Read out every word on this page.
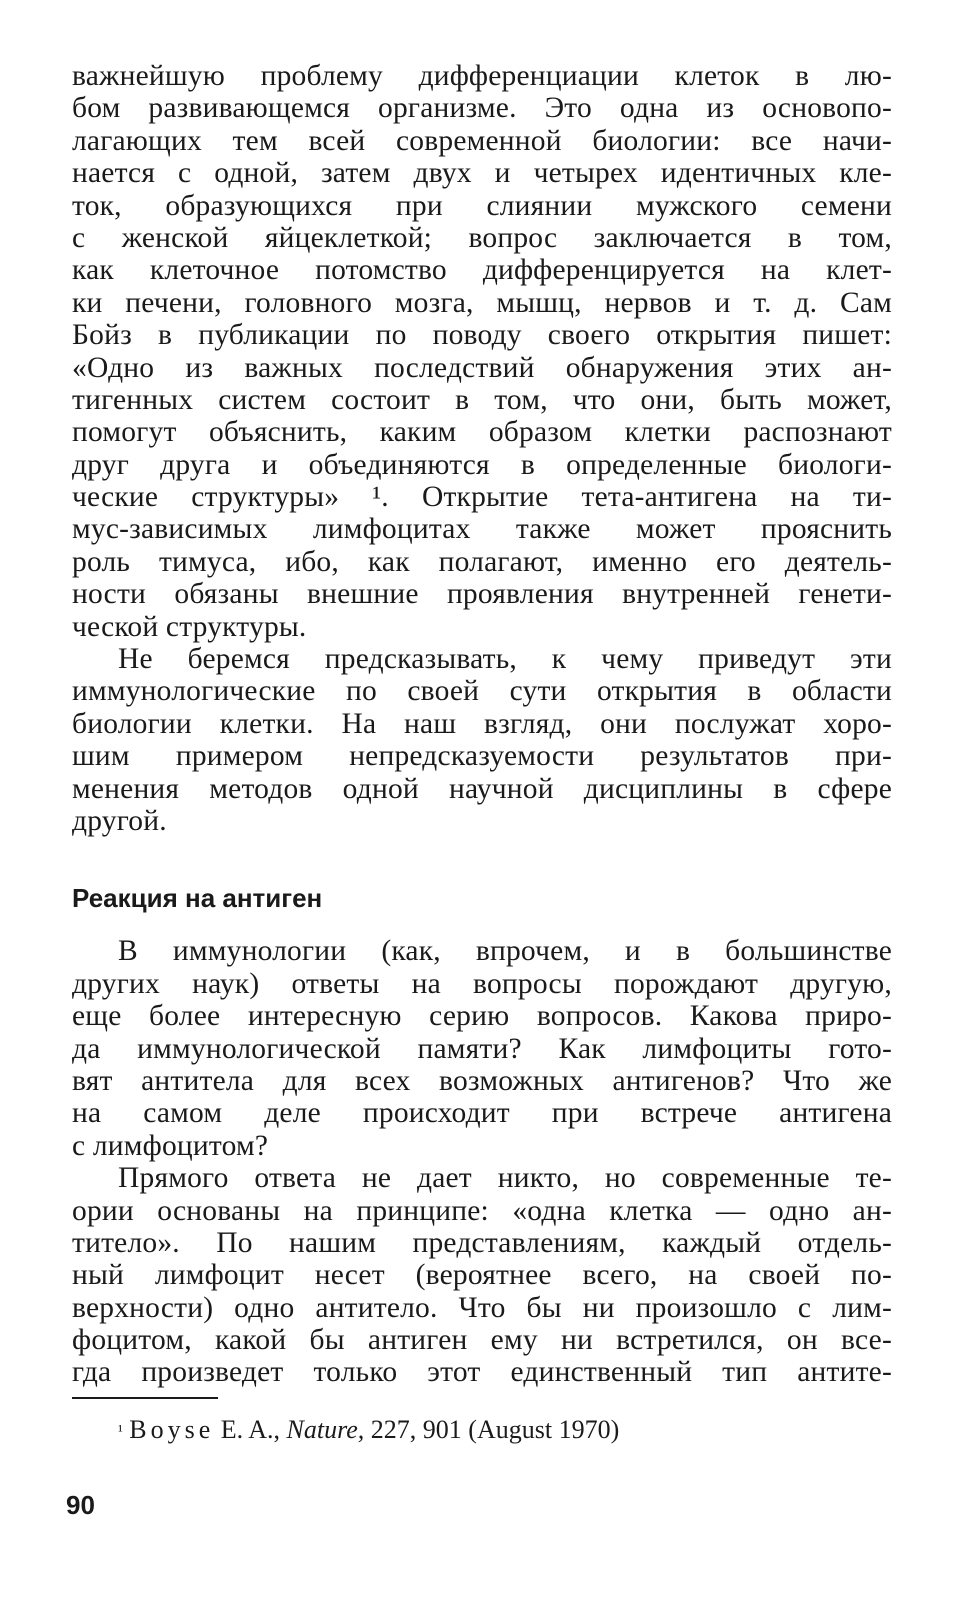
важнейшую проблему дифференциации клеток в лю-
бом развивающемся организме. Это одна из основопо-
лагающих тем всей современной биологии: все начи-
нается с одной, затем двух и четырех идентичных кле-
ток, образующихся при слиянии мужского семени
с женской яйцеклеткой; вопрос заключается в том,
как клеточное потомство дифференцируется на клет-
ки печени, головного мозга, мышц, нервов и т. д. Сам
Бойз в публикации по поводу своего открытия пишет:
«Одно из важных последствий обнаружения этих ан-
тигенных систем состоит в том, что они, быть может,
помогут объяснить, каким образом клетки распознают
друг друга и объединяются в определенные биологи-
ческие структуры» ¹. Открытие тета-антигена на ти-
мус-зависимых лимфоцитах также может прояснить
роль тимуса, ибо, как полагают, именно его деятель-
ности обязаны внешние проявления внутренней генети-
ческой структуры.
Не беремся предсказывать, к чему приведут эти
иммунологические по своей сути открытия в области
биологии клетки. На наш взгляд, они послужат хоро-
шим примером непредсказуемости результатов при-
менения методов одной научной дисциплины в сфере
другой.
Реакция на антиген
В иммунологии (как, впрочем, и в большинстве
других наук) ответы на вопросы порождают другую,
еще более интересную серию вопросов. Какова приро-
да иммунологической памяти? Как лимфоциты гото-
вят антитела для всех возможных антигенов? Что же
на самом деле происходит при встрече антигена
с лимфоцитом?
Прямого ответа не дает никто, но современные те-
ории основаны на принципе: «одна клетка — одно ан-
титело». По нашим представлениям, каждый отдель-
ный лимфоцит несет (вероятнее всего, на своей по-
верхности) одно антитело. Что бы ни произошло с лим-
фоцитом, какой бы антиген ему ни встретился, он все-
гда произведет только этот единственный тип антите-
$^{^1}$ Boyse E. A., Nature, 227, 901 (August 1970)
90
